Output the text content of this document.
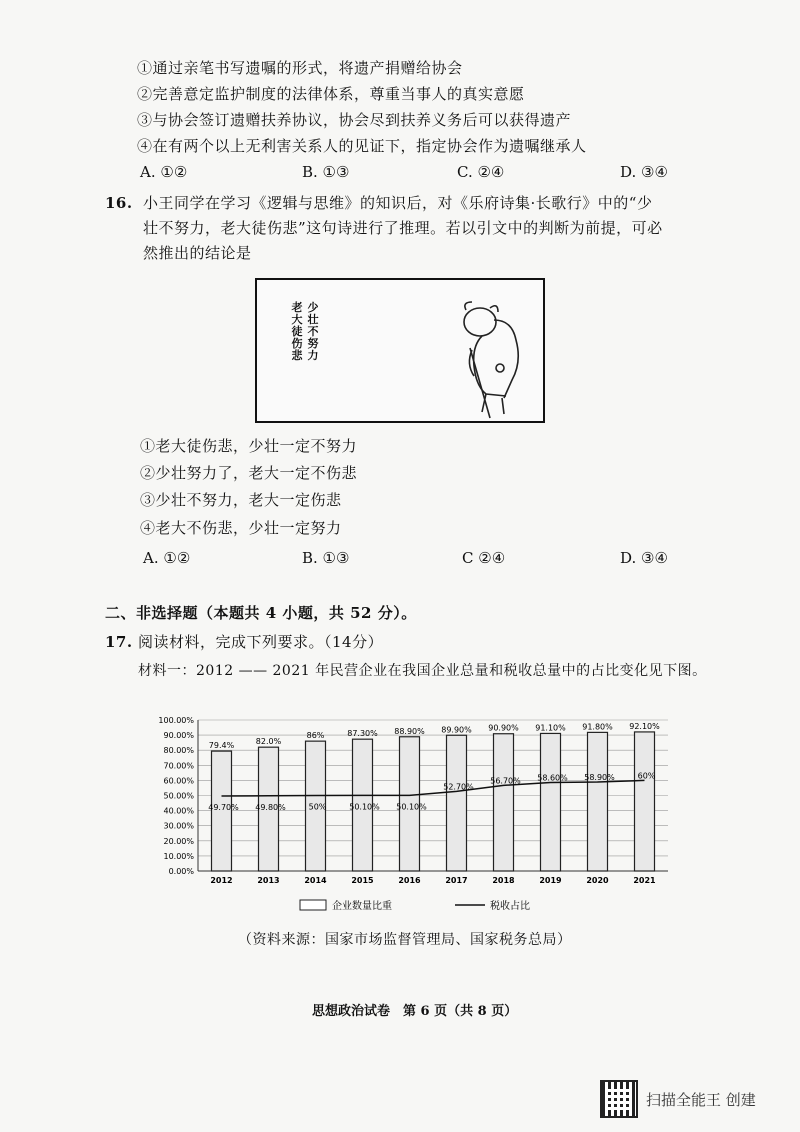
①通过亲笔书写遗嘱的形式，将遗产捐赠给协会
②完善意定监护制度的法律体系，尊重当事人的真实意愿
③与协会签订遗赠扶养协议，协会尽到扶养义务后可以获得遗产
④在有两个以上无利害关系人的见证下，指定协会作为遗嘱继承人
A. ①②	B. ①③	C. ②④	D. ③④
16. 小王同学在学习《逻辑与思维》的知识后，对《乐府诗集·长歌行》中的“少
壮不努力，老大徒伤悲”这句诗进行了推理。若以引文中的判断为前提，可必
然推出的结论是
少壮不努力
老大徒伤悲
①老大徒伤悲，少壮一定不努力
②少壮努力了，老大一定不伤悲
③少壮不努力，老大一定伤悲
④老大不伤悲，少壮一定努力
A. ①②	B. ①③	C ②④	D. ③④
二、非选择题（本题共 4 小题，共 52 分）。
17. 阅读材料，完成下列要求。（14分）
材料一：2012 —— 2021 年民营企业在我国企业总量和税收总量中的占比变化见下图。
0.00%
10.00%
20.00%
30.00%
40.00%
50.00%
60.00%
70.00%
80.00%
90.00%
100.00%
79.4%
2012
82.0%
2013
86%
2014
87.30%
2015
88.90%
2016
89.90%
2017
90.90%
2018
91.10%
2019
91.80%
2020
92.10%
2021
49.70% 49.80%	50%	50.10% 50.10%
52.70%
56.70% 58.60% 58.90%	60%
企业数量比重	税收占比
（资料来源：国家市场监督管理局、国家税务总局）
思想政治试卷　第 6 页（共 8 页）
扫描全能王 创建
